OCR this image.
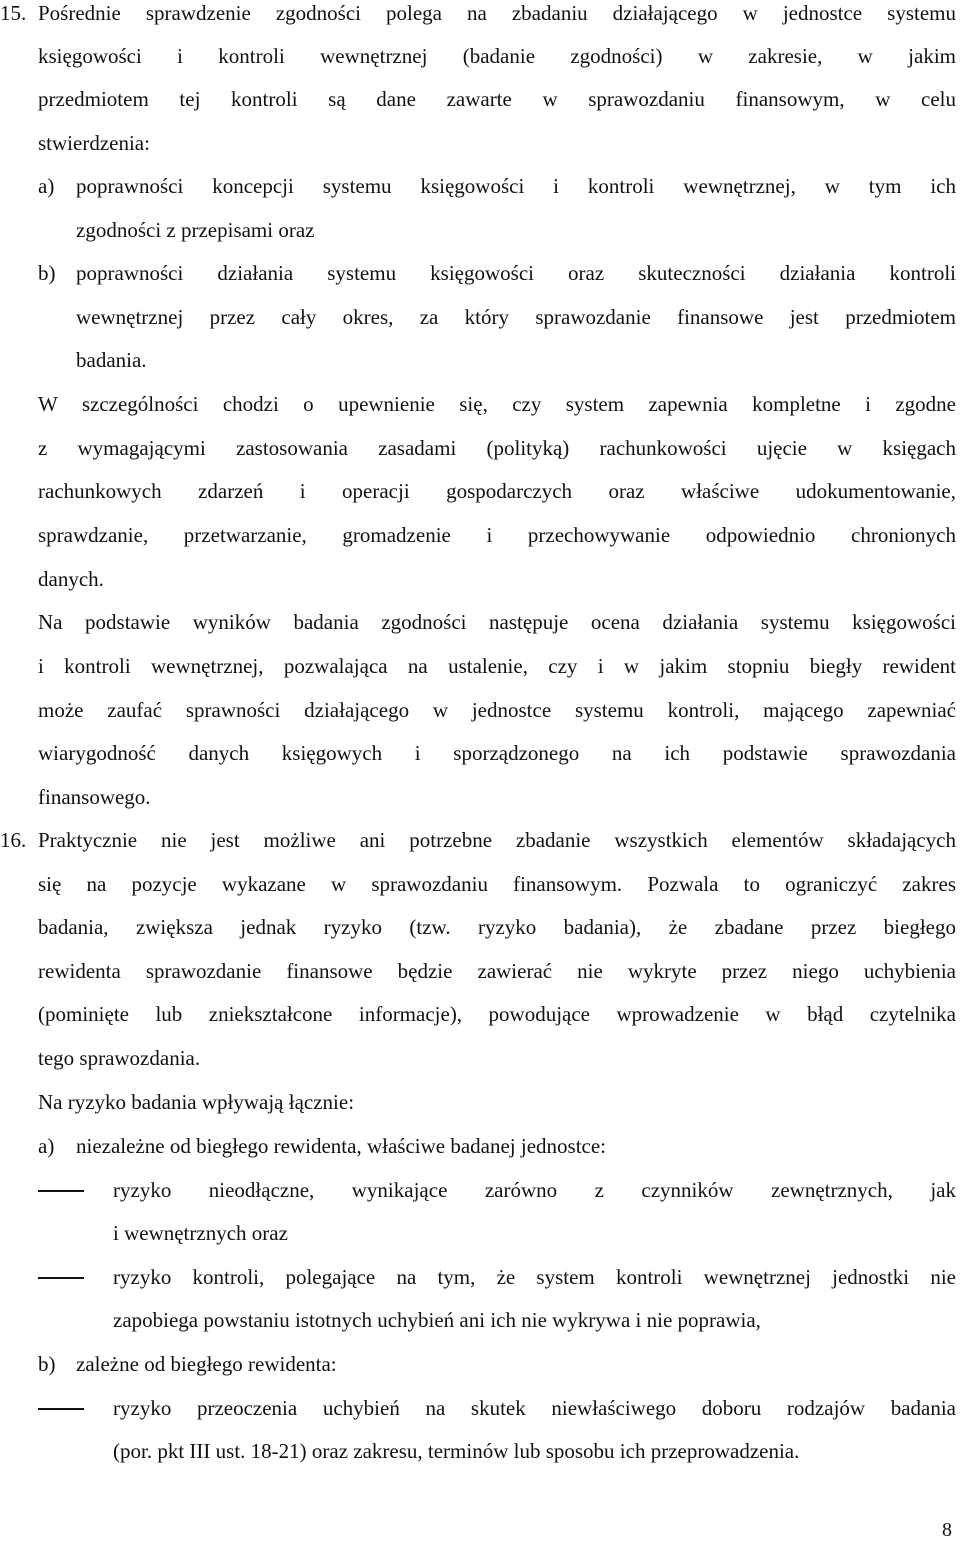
15. Pośrednie sprawdzenie zgodności polega na zbadaniu działającego w jednostce systemu
księgowości i kontroli wewnętrznej (badanie zgodności) w zakresie, w jakim
przedmiotem tej kontroli są dane zawarte w sprawozdaniu finansowym, w celu
stwierdzenia:
a) poprawności koncepcji systemu księgowości i kontroli wewnętrznej, w tym ich
zgodności z przepisami oraz
b) poprawności działania systemu księgowości oraz skuteczności działania kontroli
wewnętrznej przez cały okres, za który sprawozdanie finansowe jest przedmiotem
badania.
W szczególności chodzi o upewnienie się, czy system zapewnia kompletne i zgodne
z wymagającymi zastosowania zasadami (polityką) rachunkowości ujęcie w księgach
rachunkowych zdarzeń i operacji gospodarczych oraz właściwe udokumentowanie,
sprawdzanie, przetwarzanie, gromadzenie i przechowywanie odpowiednio chronionych
danych.
Na podstawie wyników badania zgodności następuje ocena działania systemu księgowości
i kontroli wewnętrznej, pozwalająca na ustalenie, czy i w jakim stopniu biegły rewident
może zaufać sprawności działającego w jednostce systemu kontroli, mającego zapewniać
wiarygodność danych księgowych i sporządzonego na ich podstawie sprawozdania
finansowego.
16. Praktycznie nie jest możliwe ani potrzebne zbadanie wszystkich elementów składających
się na pozycje wykazane w sprawozdaniu finansowym. Pozwala to ograniczyć zakres
badania, zwiększa jednak ryzyko (tzw. ryzyko badania), że zbadane przez biegłego
rewidenta sprawozdanie finansowe będzie zawierać nie wykryte przez niego uchybienia
(pominięte lub zniekształcone informacje), powodujące wprowadzenie w błąd czytelnika
tego sprawozdania.
Na ryzyko badania wpływają łącznie:
a) niezależne od biegłego rewidenta, właściwe badanej jednostce:
ryzyko nieodłączne, wynikające zarówno z czynników zewnętrznych, jak
i wewnętrznych oraz
ryzyko kontroli, polegające na tym, że system kontroli wewnętrznej jednostki nie
zapobiega powstaniu istotnych uchybień ani ich nie wykrywa i nie poprawia,
b) zależne od biegłego rewidenta:
ryzyko przeoczenia uchybień na skutek niewłaściwego doboru rodzajów badania
(por. pkt III ust. 18-21) oraz zakresu, terminów lub sposobu ich przeprowadzenia.
8
